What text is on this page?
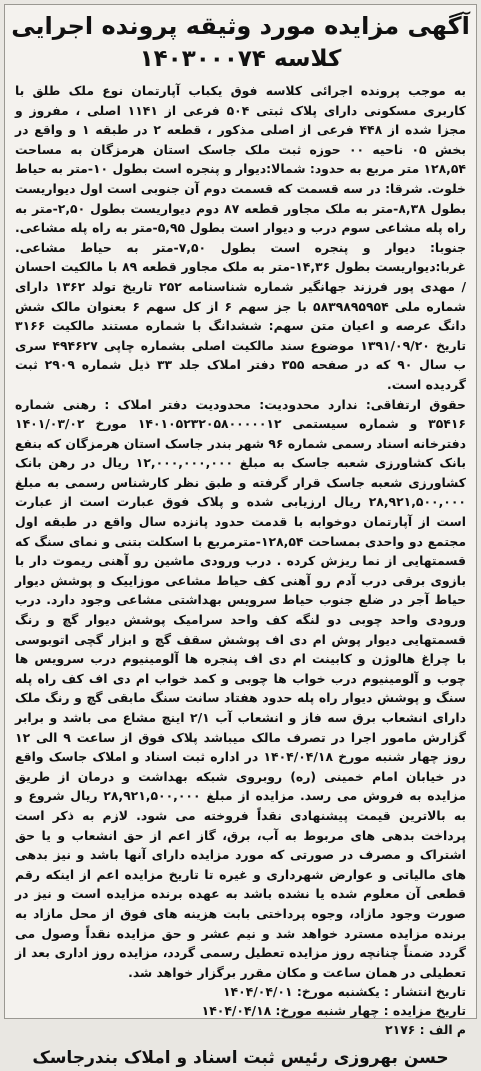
آگهی مزایده مورد وثیقه پرونده اجرایی
کلاسه ۱۴۰۳۰۰۰۷۴

به موجب پرونده اجرائی کلاسه فوق یکباب آپارتمان نوع ملک طلق با کاربری مسکونی دارای پلاک ثبتی ۵۰۴ فرعی از ۱۱۴۱ اصلی ، مفروز و مجزا شده از ۴۴۸ فرعی از اصلی مذکور ، قطعه ۲ در طبقه ۱ و واقع در بخش ۰۵ ناحیه ۰۰ حوزه ثبت ملک جاسک استان هرمزگان به مساحت ۱۲۸,۵۴ متر مربع به حدود: شمالا:دیوار و پنجره است بطول ۱۰-متر به حیاط خلوت. شرقا: در سه قسمت که قسمت دوم آن جنوبی است اول دیواریست بطول ۸,۳۸-متر به ملک مجاور قطعه ۸۷ دوم دیواریست بطول ۲,۵۰-متر به راه پله مشاعی سوم درب و دیوار است بطول ۵,۹۵-متر به راه پله مشاعی. جنوبا: دیوار و پنجره است بطول ۷,۵۰-متر به حیاط مشاعی. غربا:دیواریست بطول ۱۴,۳۶-متر به ملک مجاور قطعه ۸۹ با مالکیت احسان / مهدی پور فرزند جهانگیر شماره شناسنامه ۲۵۲ تاریخ تولد ۱۳۶۲ دارای شماره ملی ۵۸۳۹۸۹۵۹۵۴ با جز سهم ۶ از کل سهم ۶ بعنوان مالک شش دانگ عرصه و اعیان متن سهم: ششدانگ با شماره مستند مالکیت ۳۱۶۶ تاریخ ۱۳۹۱/۰۹/۲۰ موضوع سند مالکیت اصلی بشماره چاپی ۴۹۴۶۲۷ سری ب سال ۹۰ که در صفحه ۳۵۵ دفتر املاک جلد ۳۳ ذیل شماره ۲۹۰۹ ثبت گردیده است.

حقوق ارتفاقی: ندارد محدودیت: محدودیت دفتر املاک : رهنی شماره ۳۵۴۱۶ و شماره سیستمی ۱۴۰۱۰۵۲۳۲۰۵۸۰۰۰۰۰۱۲ مورخ ۱۴۰۱/۰۳/۰۲ دفترخانه اسناد رسمی شماره ۹۶ شهر بندر جاسک استان هرمزگان که بنفع بانک کشاورزی شعبه جاسک به مبلغ ۱۲,۰۰۰,۰۰۰,۰۰۰ ریال در رهن بانک کشاورزی شعبه جاسک قرار گرفته و طبق نظر کارشناس رسمی به مبلغ ۲۸,۹۲۱,۵۰۰,۰۰۰ ریال ارزیابی شده و پلاک فوق عبارت است از عبارت است از آپارتمان دوخوابه با قدمت حدود پانزده سال واقع در طبقه اول مجتمع دو واحدی بمساحت ۱۲۸,۵۴-مترمربع با اسکلت بتنی و نمای سنگ که قسمتهایی از نما ریزش کرده . درب ورودی ماشین رو آهنی ریموت دار با بازوی برقی درب آدم رو آهنی کف حیاط مشاعی موزاییک و پوشش دیوار حیاط آجر در ضلع جنوب حیاط سرویس بهداشتی مشاعی وجود دارد. درب ورودی واحد چوبی دو لنگه کف واحد سرامیک پوشش دیوار گچ و رنگ قسمتهایی دیوار پوش ام دی اف پوشش سقف گچ و ابزار گچی اتوبوسی با چراغ هالوژن و کابینت ام دی اف پنجره ها آلومینیوم درب سرویس ها چوب و آلومینیوم درب خواب ها چوبی و کمد خواب ام دی اف کف راه پله سنگ و پوشش دیوار راه پله حدود هفتاد سانت سنگ مابقی گچ و رنگ ملک دارای انشعاب برق سه فاز و انشعاب آب ۲/۱ اینچ مشاع می باشد و برابر گزارش مامور اجرا در تصرف مالک میباشد پلاک فوق از ساعت ۹ الی ۱۲ روز چهار شنبه مورخ ۱۴۰۴/۰۴/۱۸ در اداره ثبت اسناد و املاک جاسک واقع در خیابان امام خمینی (ره) روبروی شبکه بهداشت و درمان از طریق مزایده به فروش می رسد. مزایده از مبلغ ۲۸,۹۲۱,۵۰۰,۰۰۰ ریال شروع و به بالاترین قیمت پیشنهادی نقداً فروخته می شود. لازم به ذکر است پرداخت بدهی های مربوط به آب، برق، گاز اعم از حق انشعاب و یا حق اشتراک و مصرف در صورتی که مورد مزایده دارای آنها باشد و نیز بدهی های مالیاتی و عوارض شهرداری و غیره تا تاریخ مزایده اعم از اینکه رقم قطعی آن معلوم شده یا نشده باشد به عهده برنده مزایده است و نیز در صورت وجود مازاد، وجوه پرداختی بابت هزینه های فوق از محل مازاد به برنده مزایده مسترد خواهد شد و نیم عشر و حق مزایده نقداً وصول می گردد ضمناً چنانچه روز مزایده تعطیل رسمی گردد، مزایده روز اداری بعد از تعطیلی در همان ساعت و مکان مقرر برگزار خواهد شد.

تاریخ انتشار : یکشنبه مورخ: ۱۴۰۴/۰۴/۰۱
تاریخ مزایده : چهار شنبه مورخ: ۱۴۰۴/۰۴/۱۸
م الف : ۲۱۷۶
حسن بهروزی رئیس ثبت اسناد و املاک بندرجاسک
